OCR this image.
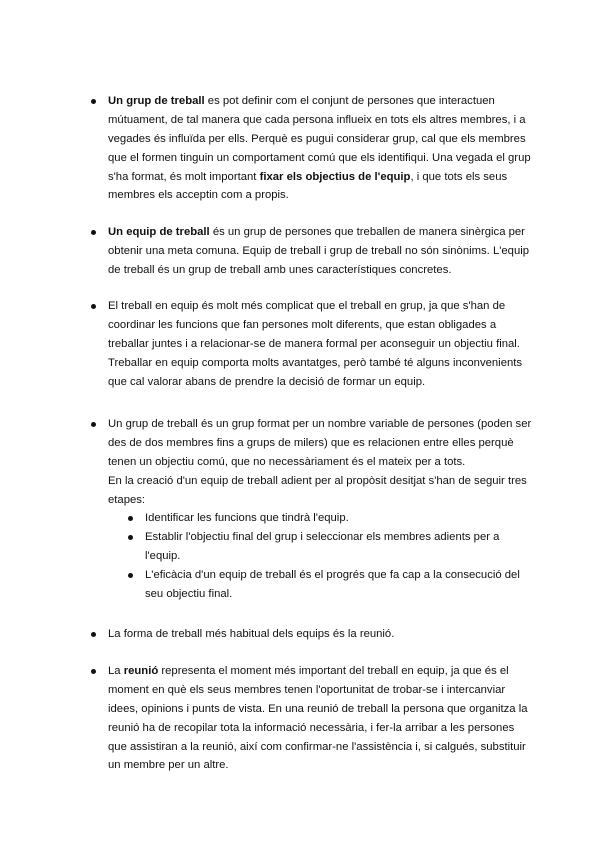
Un grup de treball es pot definir com el conjunt de persones que interactuen
mútuament, de tal manera que cada persona influeix en tots els altres membres, i a
vegades és influïda per ells. Perquè es pugui considerar grup, cal que els membres
que el formen tinguin un comportament comú que els identifiqui. Una vegada el grup
s'ha format, és molt important fixar els objectius de l'equip, i que tots els seus
membres els acceptin com a propis.
Un equip de treball és un grup de persones que treballen de manera sinèrgica per
obtenir una meta comuna. Equip de treball i grup de treball no són sinònims. L'equip
de treball és un grup de treball amb unes característiques concretes.
El treball en equip és molt més complicat que el treball en grup, ja que s'han de
coordinar les funcions que fan persones molt diferents, que estan obligades a
treballar juntes i a relacionar-se de manera formal per aconseguir un objectiu final.
Treballar en equip comporta molts avantatges, però també té alguns inconvenients
que cal valorar abans de prendre la decisió de formar un equip.
Un grup de treball és un grup format per un nombre variable de persones (poden ser
des de dos membres fins a grups de milers) que es relacionen entre elles perquè
tenen un objectiu comú, que no necessàriament és el mateix per a tots.
En la creació d'un equip de treball adient per al propòsit desitjat s'han de seguir tres
etapes:
Identificar les funcions que tindrà l'equip.
Establir l'objectiu final del grup i seleccionar els membres adients per a
l'equip.
L'eficàcia d'un equip de treball és el progrés que fa cap a la consecució del
seu objectiu final.
La forma de treball més habitual dels equips és la reunió.
La reunió representa el moment més important del treball en equip, ja que és el
moment en què els seus membres tenen l'oportunitat de trobar-se i intercanviar
idees, opinions i punts de vista. En una reunió de treball la persona que organitza la
reunió ha de recopilar tota la informació necessària, i fer-la arribar a les persones
que assistiran a la reunió, així com confirmar-ne l'assistència i, si calgués, substituir
un membre per un altre.
